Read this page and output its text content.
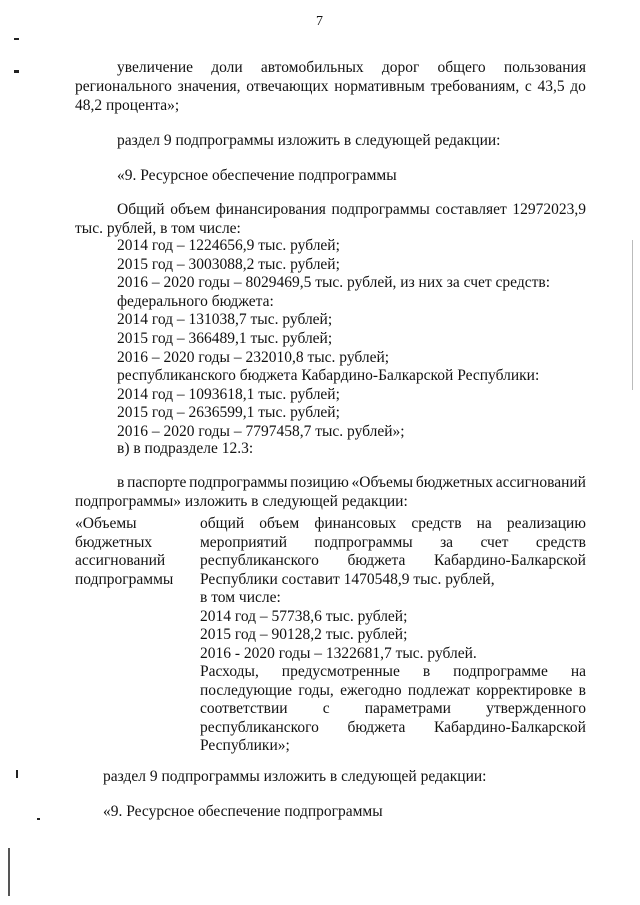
7
увеличение доли автомобильных дорог общего пользования
регионального значения, отвечающих нормативным требованиям, с 43,5 до
48,2 процента»;
раздел 9 подпрограммы изложить в следующей редакции:
«9. Ресурсное обеспечение подпрограммы
Общий объем финансирования подпрограммы составляет 12972023,9
тыс. рублей, в том числе:
2014 год – 1224656,9 тыс. рублей;
2015 год – 3003088,2 тыс. рублей;
2016 – 2020 годы – 8029469,5 тыс. рублей, из них за счет средств:
федерального бюджета:
2014 год – 131038,7 тыс. рублей;
2015 год – 366489,1 тыс. рублей;
2016 – 2020 годы – 232010,8 тыс. рублей;
республиканского бюджета Кабардино-Балкарской Республики:
2014 год – 1093618,1 тыс. рублей;
2015 год – 2636599,1 тыс. рублей;
2016 – 2020 годы – 7797458,7 тыс. рублей»;
в) в подразделе 12.3:
в паспорте подпрограммы позицию «Объемы бюджетных ассигнований
подпрограммы» изложить в следующей редакции:
«Объемы
бюджетных
ассигнований
подпрограммы
общий объем финансовых средств на реализацию
мероприятий подпрограммы за счет средств
республиканского бюджета Кабардино-Балкарской
Республики составит 1470548,9 тыс. рублей,
в том числе:
2014 год – 57738,6 тыс. рублей;
2015 год – 90128,2 тыс. рублей;
2016 - 2020 годы – 1322681,7 тыс. рублей.
Расходы, предусмотренные в подпрограмме на
последующие годы, ежегодно подлежат корректировке в
соответствии с параметрами утвержденного
республиканского бюджета Кабардино-Балкарской
Республики»;
раздел 9 подпрограммы изложить в следующей редакции:
«9. Ресурсное обеспечение подпрограммы
